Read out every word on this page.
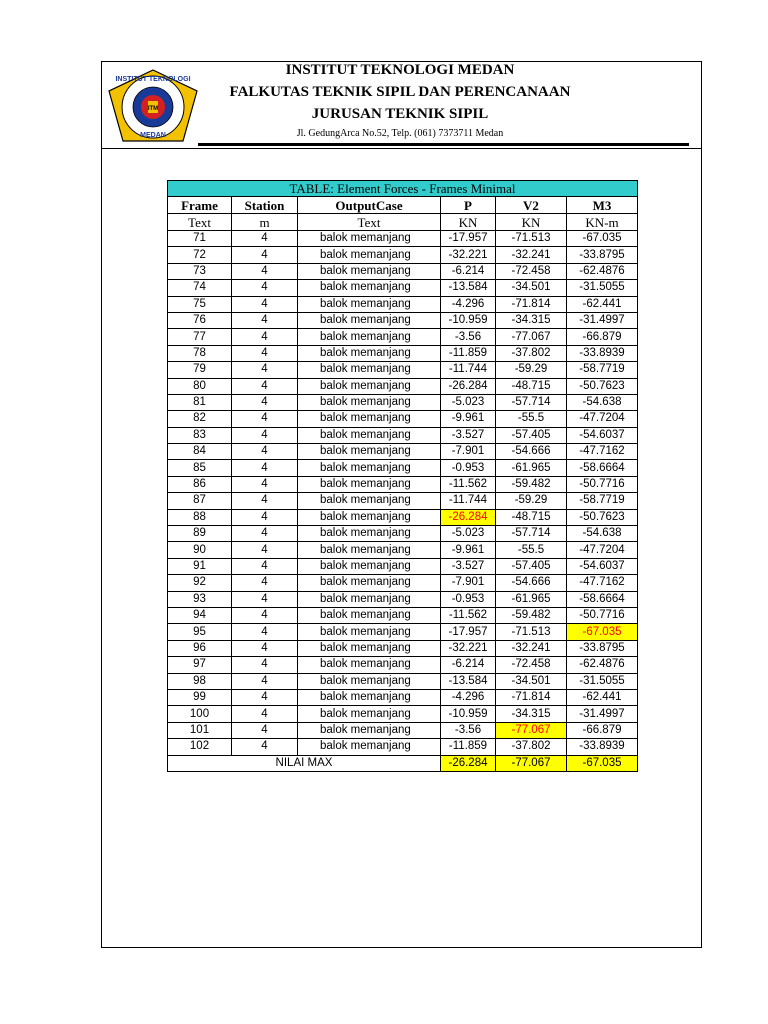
INSTITUT TEKNOLOGI
MEDAN
ITM
INSTITUT TEKNOLOGI MEDAN
FALKUTAS TEKNIK SIPIL DAN PERENCANAAN
JURUSAN TEKNIK SIPIL
Jl. GedungArca No.52, Telp. (061) 7373711 Medan
TABLE: Element Forces - Frames Minimal					
Frame	Station	OutputCase	P	V2	M3
Text	m	Text	KN	KN	KN-m
71	4	balok memanjang	-17.957	-71.513	-67.035
72	4	balok memanjang	-32.221	-32.241	-33.8795
73	4	balok memanjang	-6.214	-72.458	-62.4876
74	4	balok memanjang	-13.584	-34.501	-31.5055
75	4	balok memanjang	-4.296	-71.814	-62.441
76	4	balok memanjang	-10.959	-34.315	-31.4997
77	4	balok memanjang	-3.56	-77.067	-66.879
78	4	balok memanjang	-11.859	-37.802	-33.8939
79	4	balok memanjang	-11.744	-59.29	-58.7719
80	4	balok memanjang	-26.284	-48.715	-50.7623
81	4	balok memanjang	-5.023	-57.714	-54.638
82	4	balok memanjang	-9.961	-55.5	-47.7204
83	4	balok memanjang	-3.527	-57.405	-54.6037
84	4	balok memanjang	-7.901	-54.666	-47.7162
85	4	balok memanjang	-0.953	-61.965	-58.6664
86	4	balok memanjang	-11.562	-59.482	-50.7716
87	4	balok memanjang	-11.744	-59.29	-58.7719
88	4	balok memanjang	-26.284	-48.715	-50.7623
89	4	balok memanjang	-5.023	-57.714	-54.638
90	4	balok memanjang	-9.961	-55.5	-47.7204
91	4	balok memanjang	-3.527	-57.405	-54.6037
92	4	balok memanjang	-7.901	-54.666	-47.7162
93	4	balok memanjang	-0.953	-61.965	-58.6664
94	4	balok memanjang	-11.562	-59.482	-50.7716
95	4	balok memanjang	-17.957	-71.513	-67.035
96	4	balok memanjang	-32.221	-32.241	-33.8795
97	4	balok memanjang	-6.214	-72.458	-62.4876
98	4	balok memanjang	-13.584	-34.501	-31.5055
99	4	balok memanjang	-4.296	-71.814	-62.441
100	4	balok memanjang	-10.959	-34.315	-31.4997
101	4	balok memanjang	-3.56	-77.067	-66.879
102	4	balok memanjang	-11.859	-37.802	-33.8939
NILAI MAX			-26.284	-77.067	-67.035
